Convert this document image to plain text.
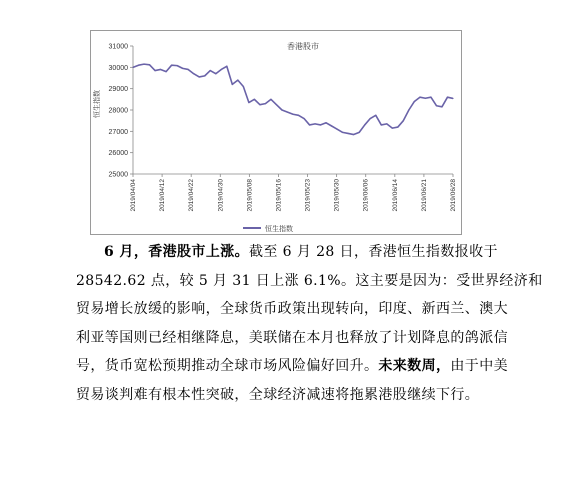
香港股市
恒生指数
25000
26000
27000
28000
29000
30000
31000
2019/04/04	2019/04/12	2019/04/22	2019/04/30	2019/05/08	2019/05/16	2019/05/23	2019/05/30	2019/06/06	2019/06/14	2019/06/21	2019/06/28
恒生指数
6 月，香港股市上涨。截至 6 月 28 日，香港恒生指数报收于
28542.62 点，较 5 月 31 日上涨 6.1%。这主要是因为：受世界经济和
贸易增长放缓的影响，全球货币政策出现转向，印度、新西兰、澳大
利亚等国则已经相继降息，美联储在本月也释放了计划降息的鸽派信
号，货币宽松预期推动全球市场风险偏好回升。未来数周，由于中美
贸易谈判难有根本性突破，全球经济减速将拖累港股继续下行。
